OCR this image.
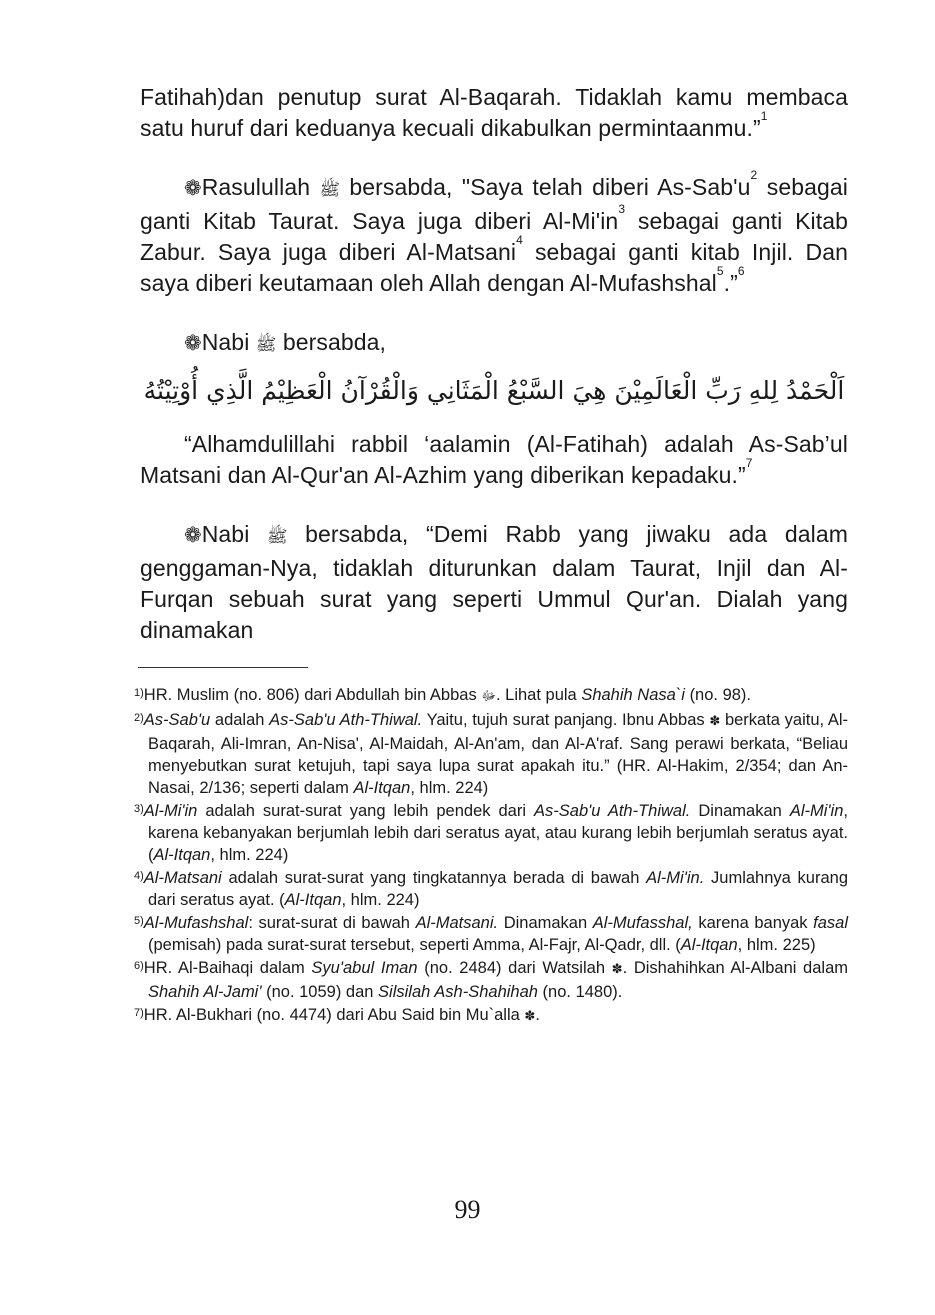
Fatihah)dan penutup surat Al-Baqarah. Tidaklah kamu membaca satu huruf dari keduanya kecuali dikabulkan permintaanmu.”$^1$

❁Rasulullah ﷺ bersabda, "Saya telah diberi $As-Sab'u^2$ sebagai ganti Kitab Taurat. Saya juga diberi $Al-Mi'in^3$ sebagai ganti Kitab Zabur. Saya juga diberi Al-Matsani$^4$ sebagai ganti kitab Injil. Dan saya diberi keutamaan oleh Allah dengan Al-Mufashshal$^5$.”$^6$

❁Nabi ﷺ bersabda,

اَلْحَمْدُ لِلهِ رَبِّ الْعَالَمِيْنَ هِيَ السَّبْعُ الْمَثَانِي وَالْقُرْآنُ الْعَظِيْمُ الَّذِي أُوْتِيْتُهُ

“Alhamdulillahi rabbil ‘aalamin (Al-Fatihah) adalah As-Sab’ul Matsani dan Al-Qur'an Al-Azhim yang diberikan kepadaku.”$^7$

❁Nabi ﷺ bersabda, “Demi Rabb yang jiwaku ada dalam genggaman-Nya, tidaklah diturunkan dalam Taurat, Injil dan Al-Furqan sebuah surat yang seperti Ummul Qur'an. Dialah yang dinamakan

$^{1)}$HR. Muslim (no. 806) dari Abdullah bin Abbas ﷻ. Lihat pula Shahih Nasa`i (no. 98).

$^{2)}$As-Sab'u adalah As-Sab'u Ath-Thiwal. Yaitu, tujuh surat panjang. Ibnu Abbas ✽ berkata yaitu, Al-Baqarah, Ali-Imran, An-Nisa', Al-Maidah, Al-An'am, dan Al-A'raf. Sang perawi berkata, “Beliau menyebutkan surat ketujuh, tapi saya lupa surat apakah itu.” (HR. Al-Hakim, 2/354; dan An-Nasai, 2/136; seperti dalam Al-Itqan, hlm. 224)

$^{3)}$Al-Mi'in adalah surat-surat yang lebih pendek dari As-Sab'u Ath-Thiwal. Dinamakan Al-Mi'in, karena kebanyakan berjumlah lebih dari seratus ayat, atau kurang lebih berjumlah seratus ayat. (Al-Itqan, hlm. 224)

$^{4)}$Al-Matsani adalah surat-surat yang tingkatannya berada di bawah Al-Mi'in. Jumlahnya kurang dari seratus ayat. (Al-Itqan, hlm. 224)

$^{5)}$Al-Mufashshal: surat-surat di bawah Al-Matsani. Dinamakan Al-Mufasshal, karena banyak fasal (pemisah) pada surat-surat tersebut, seperti Amma, Al-Fajr, Al-Qadr, dll. (Al-Itqan, hlm. 225)

$^{6)}$HR. Al-Baihaqi dalam Syu'abul Iman (no. 2484) dari Watsilah ✽. Dishahihkan Al-Albani dalam Shahih Al-Jami' (no. 1059) dan Silsilah Ash-Shahihah (no. 1480).

$^{7)}$HR. Al-Bukhari (no. 4474) dari Abu Said bin Mu`alla ✽.

99
